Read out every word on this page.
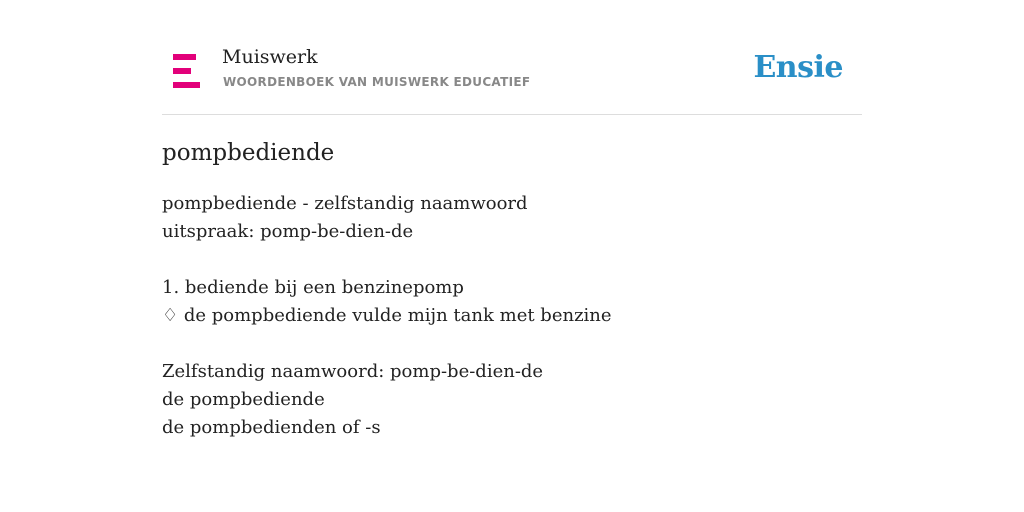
Muiswerk
WOORDENBOEK VAN MUISWERK EDUCATIEF	Ensie
pompbediende
pompbediende - zelfstandig naamwoord
uitspraak: pomp-be-dien-de
1. bediende bij een benzinepomp
♢ de pompbediende vulde mijn tank met benzine
Zelfstandig naamwoord: pomp-be-dien-de
de pompbediende
de pompbedienden of -s
